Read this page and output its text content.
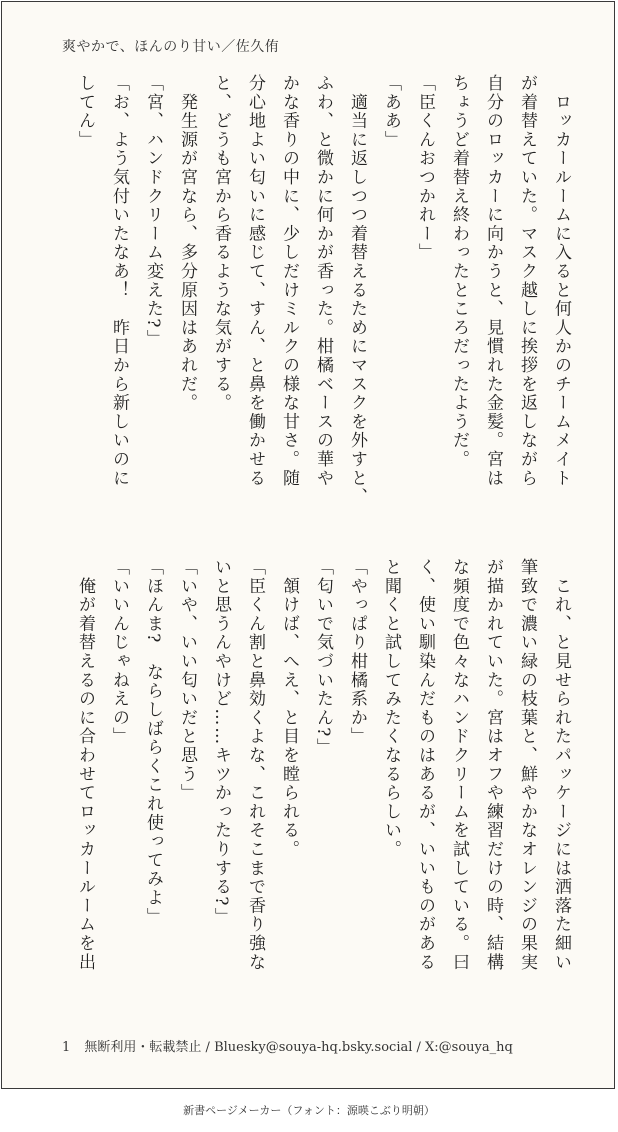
爽やかで、ほんのり甘い／佐久侑
　ロッカールームに入ると何人かのチームメイト
が着替えていた。マスク越しに挨拶を返しながら
自分のロッカーに向かうと、見慣れた金髪。宮は
ちょうど着替え終わったところだったようだ。
「臣くんおつかれー」
「ああ」
　適当に返しつつ着替えるためにマスクを外すと、
ふわ、と微かに何かが香った。柑橘ベースの華や
かな香りの中に、少しだけミルクの様な甘さ。随
分心地よい匂いに感じて、すん、と鼻を働かせる
と、どうも宮から香るような気がする。
　発生源が宮なら、多分原因はあれだ。
「宮、ハンドクリーム変えた?」
「お、よう気付いたなあ！　昨日から新しいのに
してん」
　これ、と見せられたパッケージには洒落た細い
筆致で濃い緑の枝葉と、鮮やかなオレンジの果実
が描かれていた。宮はオフや練習だけの時、結構
な頻度で色々なハンドクリームを試している。曰
く、使い馴染んだものはあるが、いいものがある
と聞くと試してみたくなるらしい。
「やっぱり柑橘系か」
「匂いで気づいたん?」
　頷けば、へえ、と目を瞠られる。
「臣くん割と鼻効くよな、これそこまで香り強な
いと思うんやけど……キツかったりする?」
「いや、いい匂いだと思う」
「ほんま?　ならしばらくこれ使ってみよ」
「いいんじゃねえの」
　俺が着替えるのに合わせてロッカールームを出
1 無断利用・転載禁止 / Bluesky@souya-hq.bsky.social / X:@souya_hq
新書ページメーカー（フォント：源暎こぶり明朝）
